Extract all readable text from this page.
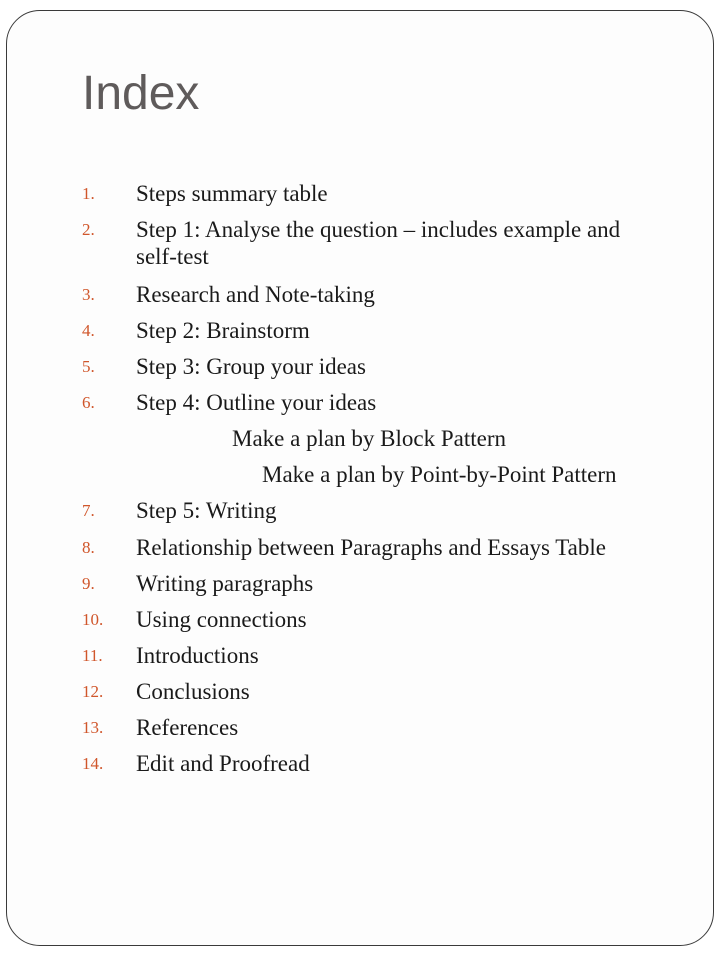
Index
1. Steps summary table
2. Step 1: Analyse the question – includes example and self-test
3. Research and Note-taking
4. Step 2: Brainstorm
5. Step 3: Group your ideas
6. Step 4: Outline your ideas
Make a plan by Block Pattern
Make a plan by Point-by-Point Pattern
7. Step 5: Writing
8. Relationship between Paragraphs and Essays Table
9. Writing paragraphs
10. Using connections
11. Introductions
12. Conclusions
13. References
14. Edit and Proofread
